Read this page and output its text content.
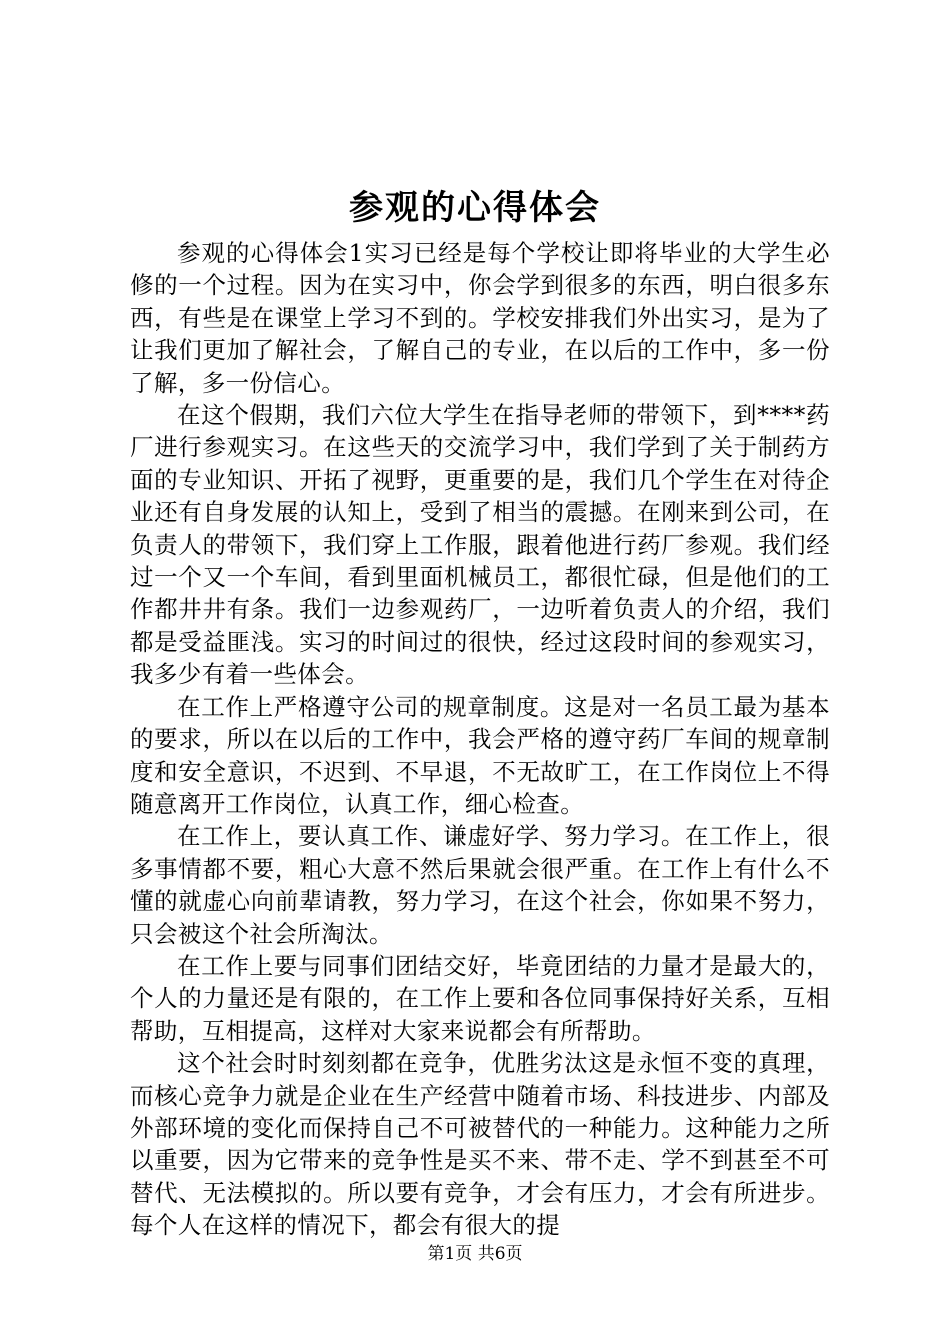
参观的心得体会

参观的心得体会1实习已经是每个学校让即将毕业的大学生必修的一个过程。因为在实习中，你会学到很多的东西，明白很多东西，有些是在课堂上学习不到的。学校安排我们外出实习，是为了让我们更加了解社会，了解自己的专业，在以后的工作中，多一份了解，多一份信心。

在这个假期，我们六位大学生在指导老师的带领下，到****药厂进行参观实习。在这些天的交流学习中，我们学到了关于制药方面的专业知识、开拓了视野，更重要的是，我们几个学生在对待企业还有自身发展的认知上，受到了相当的震撼。在刚来到公司，在负责人的带领下，我们穿上工作服，跟着他进行药厂参观。我们经过一个又一个车间，看到里面机械员工，都很忙碌，但是他们的工作都井井有条。我们一边参观药厂，一边听着负责人的介绍，我们都是受益匪浅。实习的时间过的很快，经过这段时间的参观实习，我多少有着一些体会。

在工作上严格遵守公司的规章制度。这是对一名员工最为基本的要求，所以在以后的工作中，我会严格的遵守药厂车间的规章制度和安全意识，不迟到、不早退，不无故旷工，在工作岗位上不得随意离开工作岗位，认真工作，细心检查。

在工作上，要认真工作、谦虚好学、努力学习。在工作上，很多事情都不要，粗心大意不然后果就会很严重。在工作上有什么不懂的就虚心向前辈请教，努力学习，在这个社会，你如果不努力，只会被这个社会所淘汰。

在工作上要与同事们团结交好，毕竟团结的力量才是最大的，个人的力量还是有限的，在工作上要和各位同事保持好关系，互相帮助，互相提高，这样对大家来说都会有所帮助。

这个社会时时刻刻都在竞争，优胜劣汰这是永恒不变的真理，而核心竞争力就是企业在生产经营中随着市场、科技进步、内部及外部环境的变化而保持自己不可被替代的一种能力。这种能力之所以重要，因为它带来的竞争性是买不来、带不走、学不到甚至不可替代、无法模拟的。所以要有竞争，才会有压力，才会有所进步。每个人在这样的情况下，都会有很大的提

第1页 共6页
